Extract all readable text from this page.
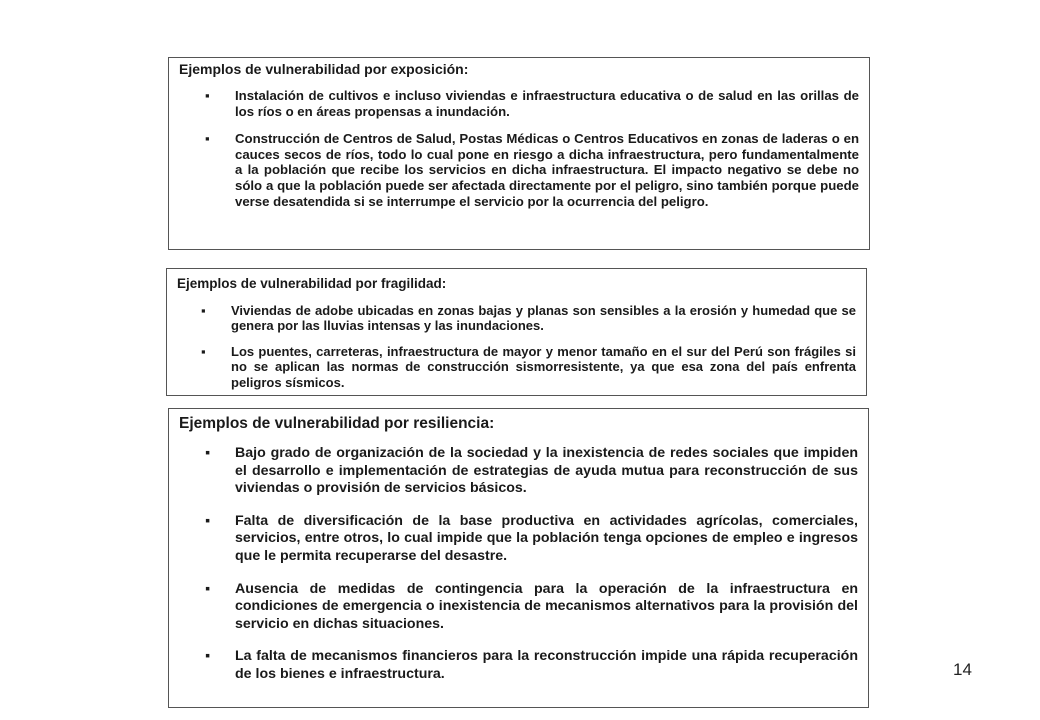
Ejemplos de vulnerabilidad por exposición:

▪ Instalación de cultivos e incluso viviendas e infraestructura educativa o de salud en las orillas de los ríos o en áreas propensas a inundación.
▪ Construcción de Centros de Salud, Postas Médicas o Centros Educativos en zonas de laderas o en cauces secos de ríos, todo lo cual pone en riesgo a dicha infraestructura, pero fundamentalmente a la población que recibe los servicios en dicha infraestructura. El impacto negativo se debe no sólo a que la población puede ser afectada directamente por el peligro, sino también porque puede verse desatendida si se interrumpe el servicio por la ocurrencia del peligro.

Ejemplos de vulnerabilidad por fragilidad:

▪ Viviendas de adobe ubicadas en zonas bajas y planas son sensibles a la erosión y humedad que se genera por las lluvias intensas y las inundaciones.
▪ Los puentes, carreteras, infraestructura de mayor y menor tamaño en el sur del Perú son frágiles si no se aplican las normas de construcción sismorresistente, ya que esa zona del país enfrenta peligros sísmicos.

Ejemplos de vulnerabilidad por resiliencia:

▪ Bajo grado de organización de la sociedad y la inexistencia de redes sociales que impiden el desarrollo e implementación de estrategias de ayuda mutua para reconstrucción de sus viviendas o provisión de servicios básicos.
▪ Falta de diversificación de la base productiva en actividades agrícolas, comerciales, servicios, entre otros, lo cual impide que la población tenga opciones de empleo e ingresos que le permita recuperarse del desastre.
▪ Ausencia de medidas de contingencia para la operación de la infraestructura en condiciones de emergencia o inexistencia de mecanismos alternativos para la provisión del servicio en dichas situaciones.
▪ La falta de mecanismos financieros para la reconstrucción impide una rápida recuperación de los bienes e infraestructura.	14
